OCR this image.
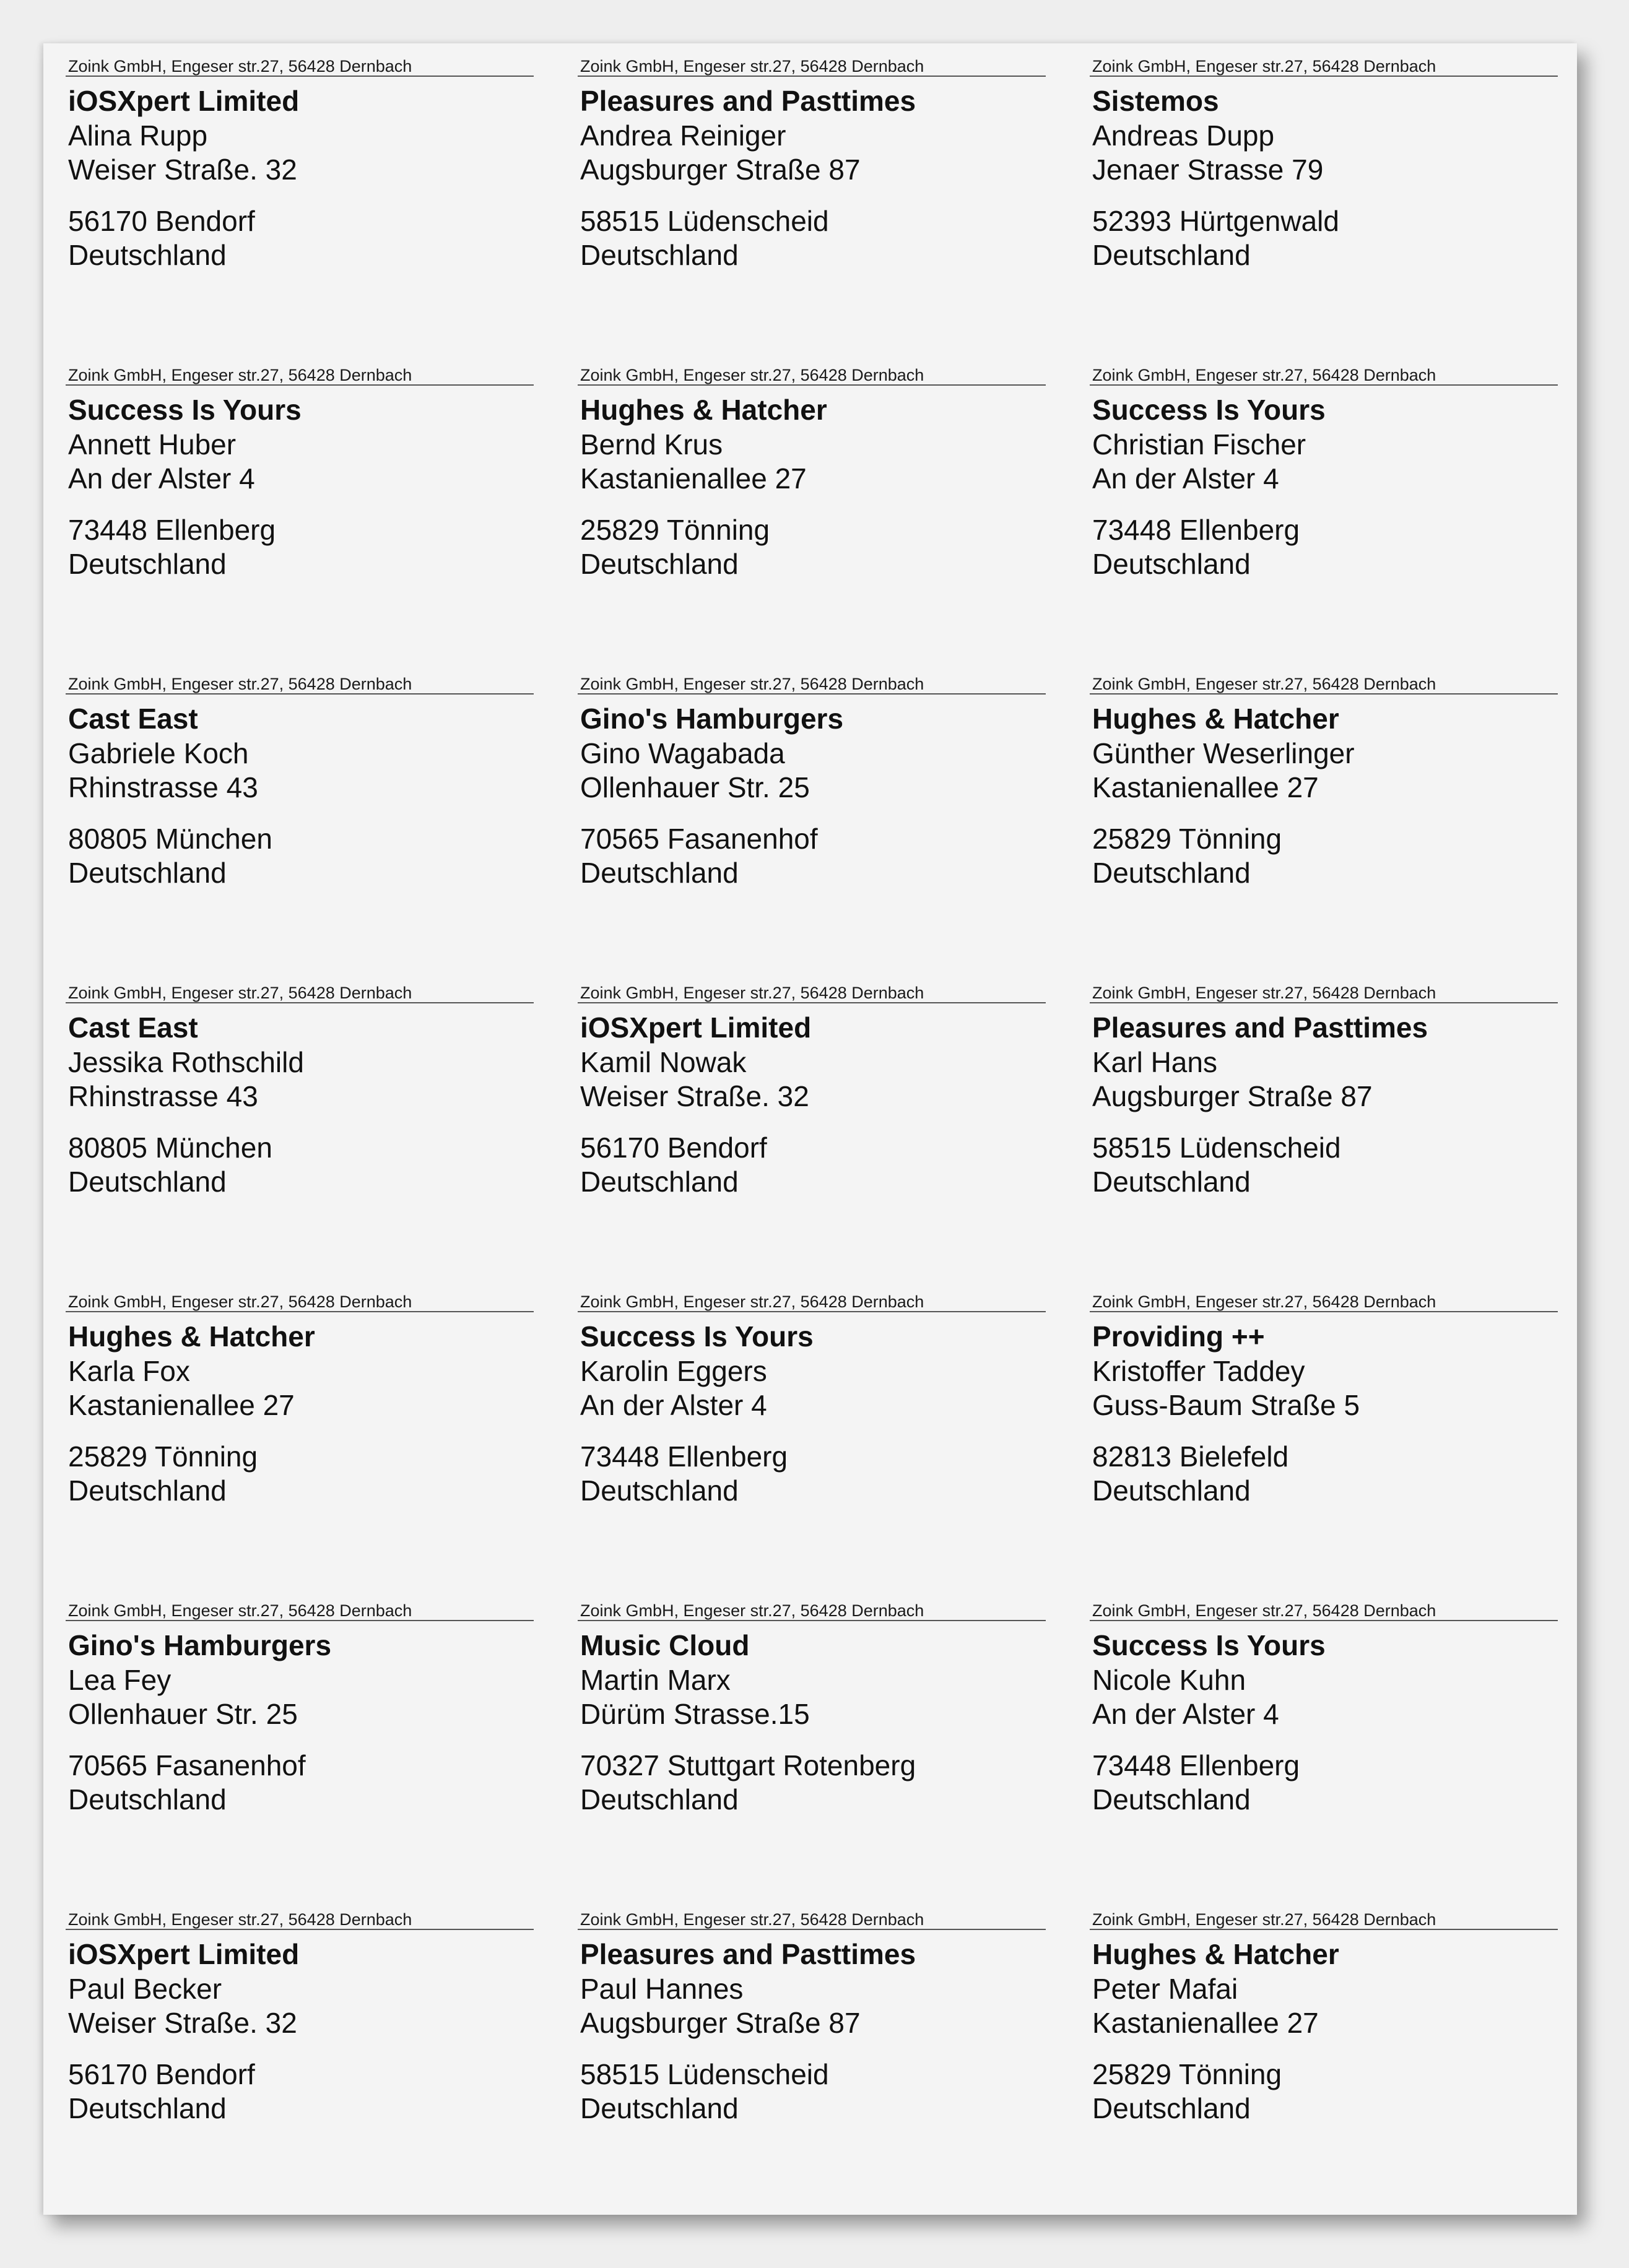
Zoink GmbH, Engeser str.27, 56428 Dernbach
iOSXpert Limited
Alina Rupp
Weiser Straße. 32
56170 Bendorf
Deutschland
Zoink GmbH, Engeser str.27, 56428 Dernbach
Pleasures and Pasttimes
Andrea Reiniger
Augsburger Straße 87
58515 Lüdenscheid
Deutschland
Zoink GmbH, Engeser str.27, 56428 Dernbach
Sistemos
Andreas Dupp
Jenaer Strasse 79
52393 Hürtgenwald
Deutschland
Zoink GmbH, Engeser str.27, 56428 Dernbach
Success Is Yours
Annett Huber
An der Alster 4
73448 Ellenberg
Deutschland
Zoink GmbH, Engeser str.27, 56428 Dernbach
Hughes & Hatcher
Bernd Krus
Kastanienallee 27
25829 Tönning
Deutschland
Zoink GmbH, Engeser str.27, 56428 Dernbach
Success Is Yours
Christian Fischer
An der Alster 4
73448 Ellenberg
Deutschland
Zoink GmbH, Engeser str.27, 56428 Dernbach
Cast East
Gabriele Koch
Rhinstrasse 43
80805 München
Deutschland
Zoink GmbH, Engeser str.27, 56428 Dernbach
Gino's Hamburgers
Gino Wagabada
Ollenhauer Str. 25
70565 Fasanenhof
Deutschland
Zoink GmbH, Engeser str.27, 56428 Dernbach
Hughes & Hatcher
Günther Weserlinger
Kastanienallee 27
25829 Tönning
Deutschland
Zoink GmbH, Engeser str.27, 56428 Dernbach
Cast East
Jessika Rothschild
Rhinstrasse 43
80805 München
Deutschland
Zoink GmbH, Engeser str.27, 56428 Dernbach
iOSXpert Limited
Kamil Nowak
Weiser Straße. 32
56170 Bendorf
Deutschland
Zoink GmbH, Engeser str.27, 56428 Dernbach
Pleasures and Pasttimes
Karl Hans
Augsburger Straße 87
58515 Lüdenscheid
Deutschland
Zoink GmbH, Engeser str.27, 56428 Dernbach
Hughes & Hatcher
Karla Fox
Kastanienallee 27
25829 Tönning
Deutschland
Zoink GmbH, Engeser str.27, 56428 Dernbach
Success Is Yours
Karolin Eggers
An der Alster 4
73448 Ellenberg
Deutschland
Zoink GmbH, Engeser str.27, 56428 Dernbach
Providing ++
Kristoffer Taddey
Guss-Baum Straße 5
82813 Bielefeld
Deutschland
Zoink GmbH, Engeser str.27, 56428 Dernbach
Gino's Hamburgers
Lea Fey
Ollenhauer Str. 25
70565 Fasanenhof
Deutschland
Zoink GmbH, Engeser str.27, 56428 Dernbach
Music Cloud
Martin Marx
Dürüm Strasse.15
70327 Stuttgart Rotenberg
Deutschland
Zoink GmbH, Engeser str.27, 56428 Dernbach
Success Is Yours
Nicole Kuhn
An der Alster 4
73448 Ellenberg
Deutschland
Zoink GmbH, Engeser str.27, 56428 Dernbach
iOSXpert Limited
Paul Becker
Weiser Straße. 32
56170 Bendorf
Deutschland
Zoink GmbH, Engeser str.27, 56428 Dernbach
Pleasures and Pasttimes
Paul Hannes
Augsburger Straße 87
58515 Lüdenscheid
Deutschland
Zoink GmbH, Engeser str.27, 56428 Dernbach
Hughes & Hatcher
Peter Mafai
Kastanienallee 27
25829 Tönning
Deutschland
